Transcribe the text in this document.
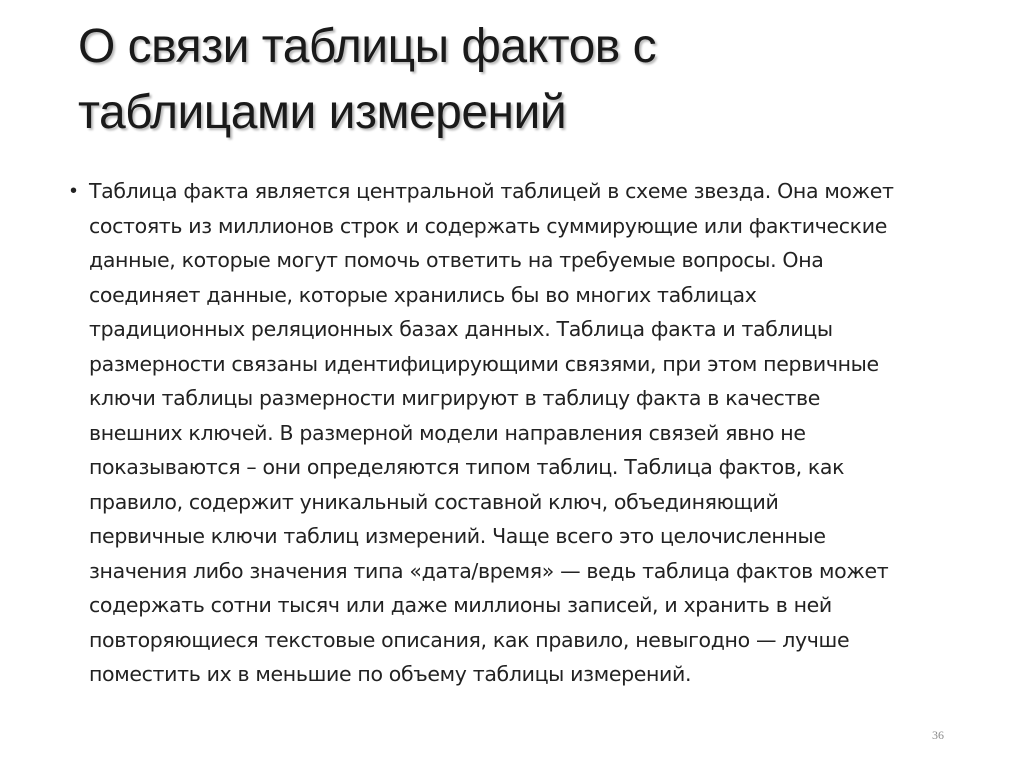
О связи таблицы фактов с
таблицами измерений
• Таблица факта является центральной таблицей в схеме звезда. Она может
состоять из миллионов строк и содержать суммирующие или фактические
данные, которые могут помочь ответить на требуемые вопросы. Она
соединяет данные, которые хранились бы во многих таблицах
традиционных реляционных базах данных. Таблица факта и таблицы
размерности связаны идентифицирующими связями, при этом первичные
ключи таблицы размерности мигрируют в таблицу факта в качестве
внешних ключей. В размерной модели направления связей явно не
показываются – они определяются типом таблиц. Таблица фактов, как
правило, содержит уникальный составной ключ, объединяющий
первичные ключи таблиц измерений. Чаще всего это целочисленные
значения либо значения типа «дата/время» — ведь таблица фактов может
содержать сотни тысяч или даже миллионы записей, и хранить в ней
повторяющиеся текстовые описания, как правило, невыгодно — лучше
поместить их в меньшие по объему таблицы измерений.
36
